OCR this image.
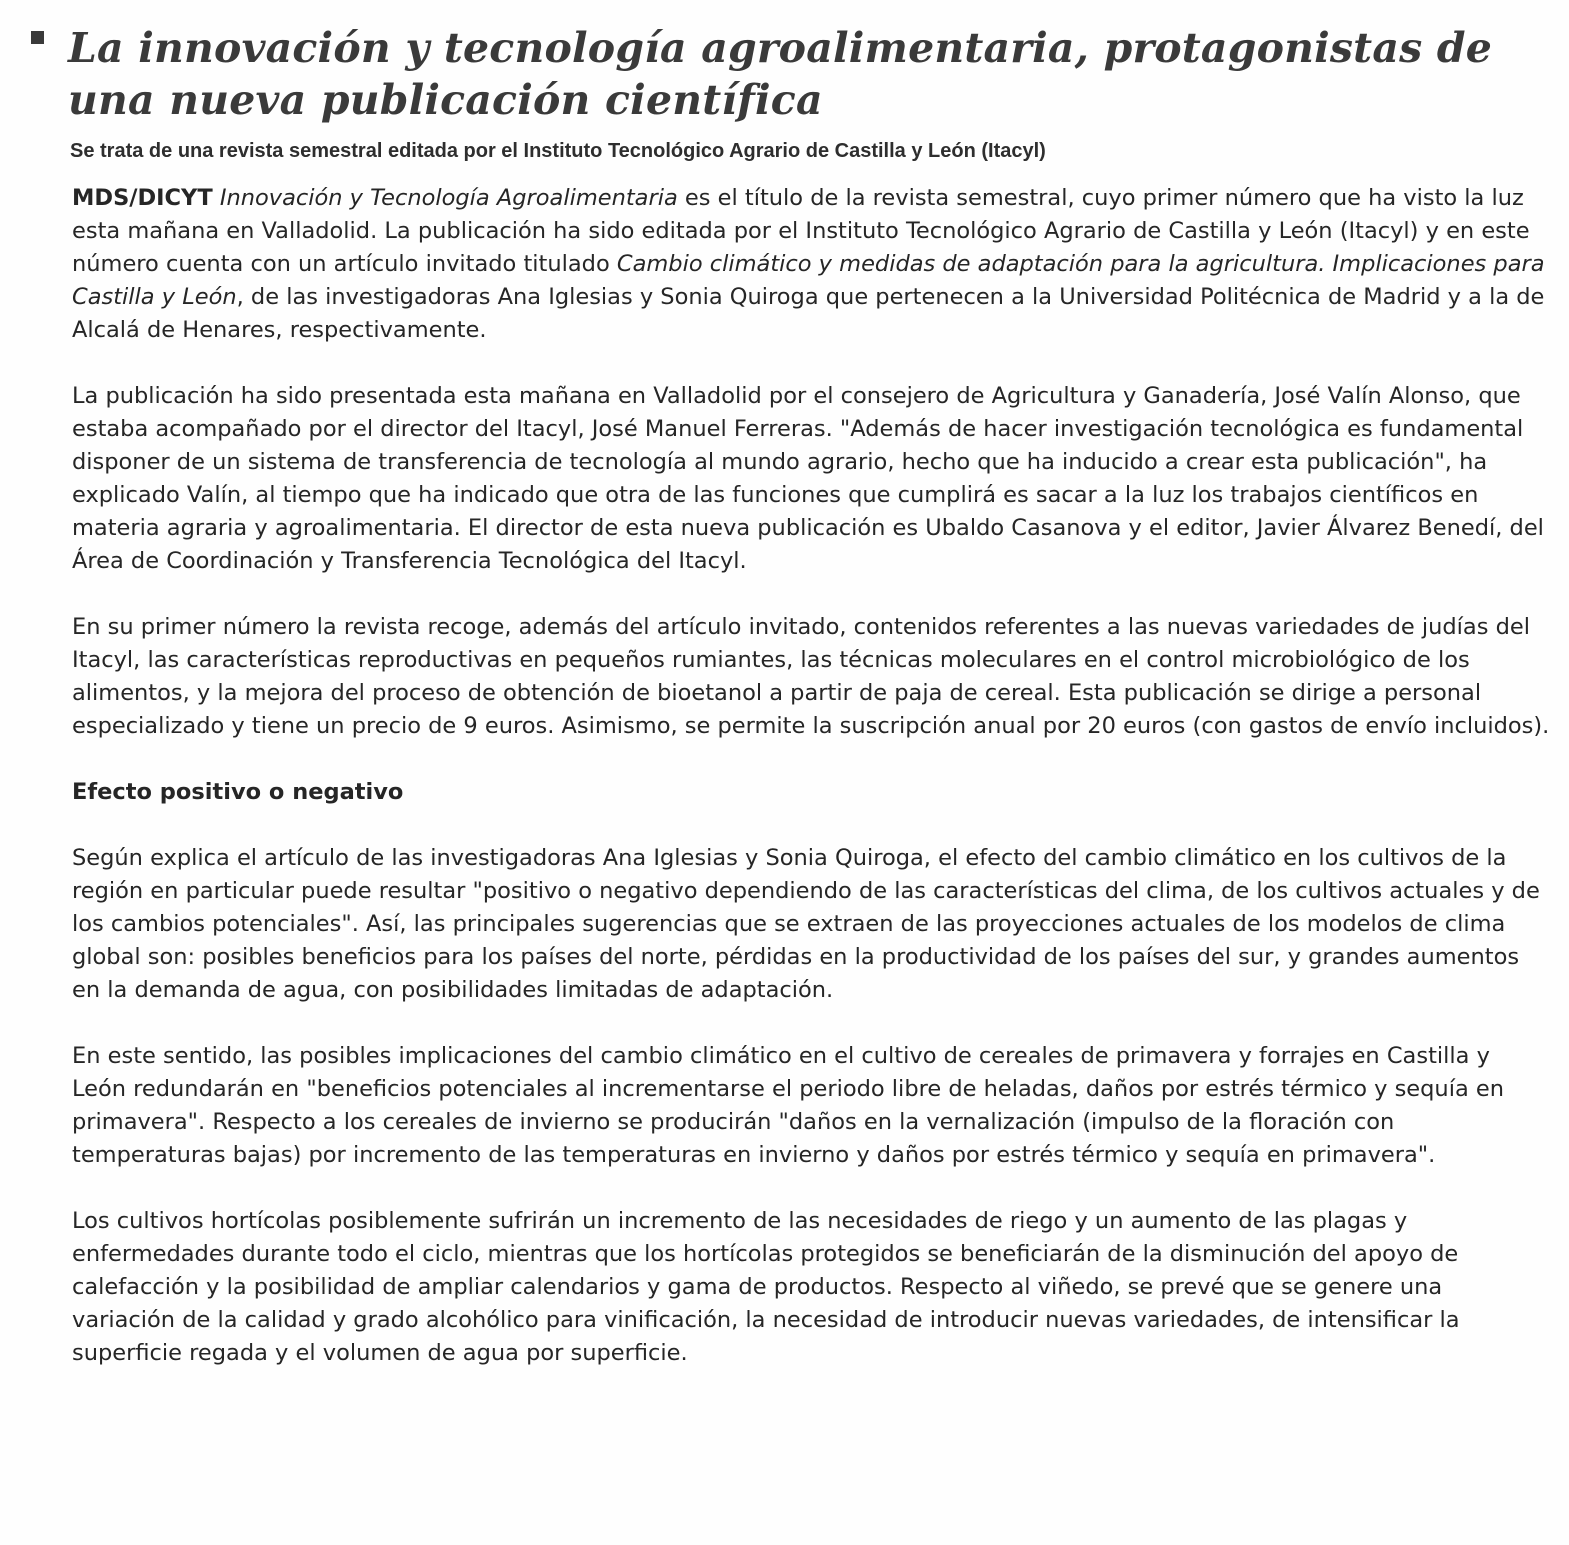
La innovación y tecnología agroalimentaria, protagonistas de una nueva publicación científica
Se trata de una revista semestral editada por el Instituto Tecnológico Agrario de Castilla y León (Itacyl)

MDS/DICYT Innovación y Tecnología Agroalimentaria es el título de la revista semestral, cuyo primer número que ha visto la luz esta mañana en Valladolid. La publicación ha sido editada por el Instituto Tecnológico Agrario de Castilla y León (Itacyl) y en este número cuenta con un artículo invitado titulado Cambio climático y medidas de adaptación para la agricultura. Implicaciones para Castilla y León, de las investigadoras Ana Iglesias y Sonia Quiroga que pertenecen a la Universidad Politécnica de Madrid y a la de Alcalá de Henares, respectivamente.

La publicación ha sido presentada esta mañana en Valladolid por el consejero de Agricultura y Ganadería, José Valín Alonso, que estaba acompañado por el director del Itacyl, José Manuel Ferreras. "Además de hacer investigación tecnológica es fundamental disponer de un sistema de transferencia de tecnología al mundo agrario, hecho que ha inducido a crear esta publicación", ha explicado Valín, al tiempo que ha indicado que otra de las funciones que cumplirá es sacar a la luz los trabajos científicos en materia agraria y agroalimentaria. El director de esta nueva publicación es Ubaldo Casanova y el editor, Javier Álvarez Benedí, del Área de Coordinación y Transferencia Tecnológica del Itacyl.

En su primer número la revista recoge, además del artículo invitado, contenidos referentes a las nuevas variedades de judías del Itacyl, las características reproductivas en pequeños rumiantes, las técnicas moleculares en el control microbiológico de los alimentos, y la mejora del proceso de obtención de bioetanol a partir de paja de cereal. Esta publicación se dirige a personal especializado y tiene un precio de 9 euros. Asimismo, se permite la suscripción anual por 20 euros (con gastos de envío incluidos).

Efecto positivo o negativo

Según explica el artículo de las investigadoras Ana Iglesias y Sonia Quiroga, el efecto del cambio climático en los cultivos de la región en particular puede resultar "positivo o negativo dependiendo de las características del clima, de los cultivos actuales y de los cambios potenciales". Así, las principales sugerencias que se extraen de las proyecciones actuales de los modelos de clima global son: posibles beneficios para los países del norte, pérdidas en la productividad de los países del sur, y grandes aumentos en la demanda de agua, con posibilidades limitadas de adaptación.

En este sentido, las posibles implicaciones del cambio climático en el cultivo de cereales de primavera y forrajes en Castilla y León redundarán en "beneficios potenciales al incrementarse el periodo libre de heladas, daños por estrés térmico y sequía en primavera". Respecto a los cereales de invierno se producirán "daños en la vernalización (impulso de la floración con temperaturas bajas) por incremento de las temperaturas en invierno y daños por estrés térmico y sequía en primavera".

Los cultivos hortícolas posiblemente sufrirán un incremento de las necesidades de riego y un aumento de las plagas y enfermedades durante todo el ciclo, mientras que los hortícolas protegidos se beneficiarán de la disminución del apoyo de calefacción y la posibilidad de ampliar calendarios y gama de productos. Respecto al viñedo, se prevé que se genere una variación de la calidad y grado alcohólico para vinificación, la necesidad de introducir nuevas variedades, de intensificar la superficie regada y el volumen de agua por superficie.
